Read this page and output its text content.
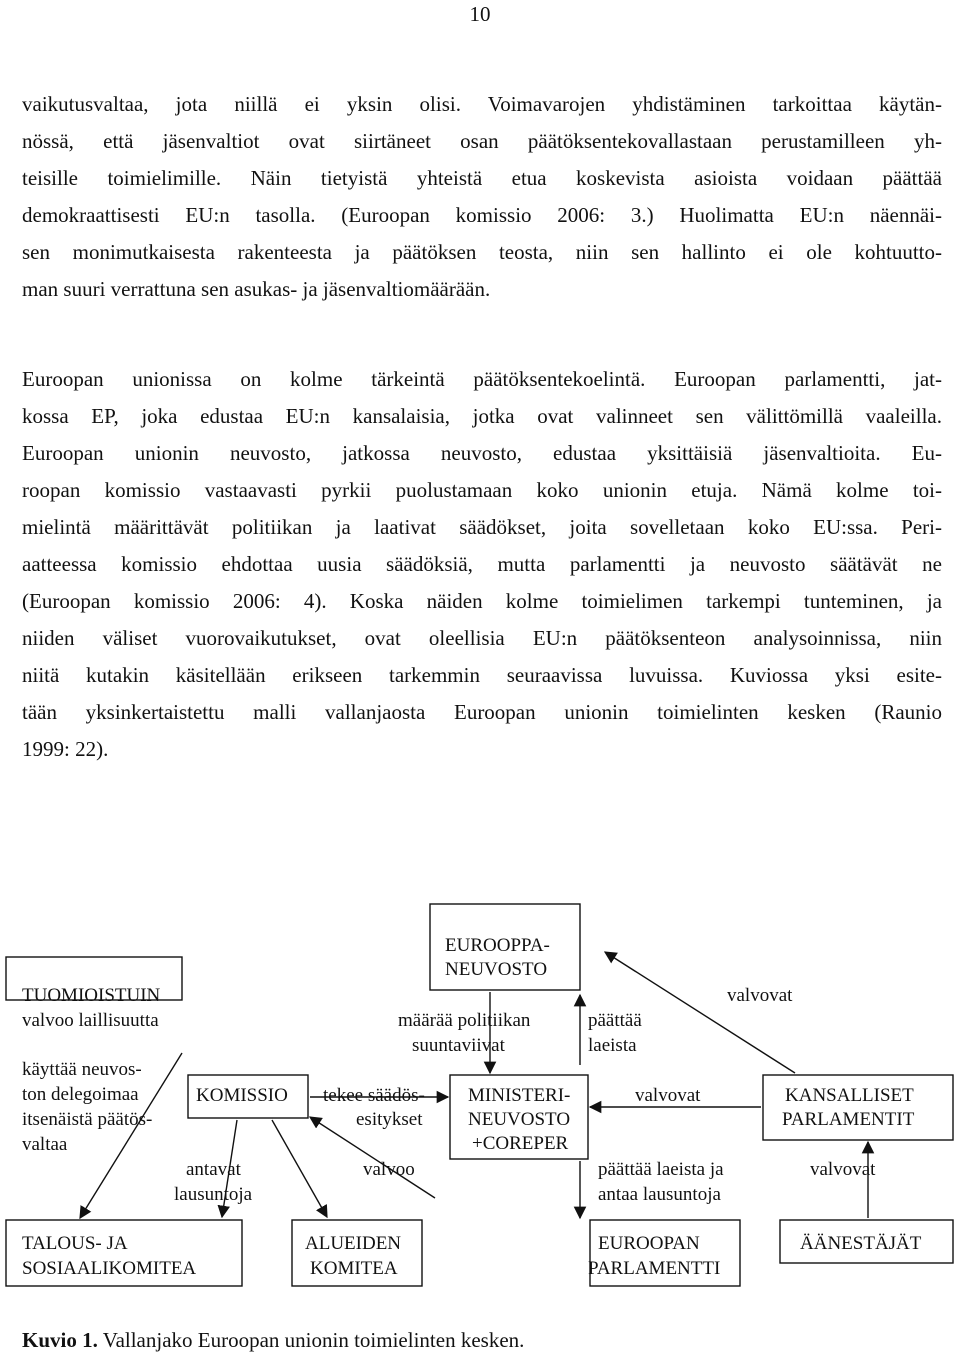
10
vaikutusvaltaa, jota niillä ei yksin olisi. Voimavarojen yhdistäminen tarkoittaa käytän-
nössä, että jäsenvaltiot ovat siirtäneet osan päätöksentekovallastaan perustamilleen yh-
teisille toimielimille. Näin tietyistä yhteistä etua koskevista asioista voidaan päättää
demokraattisesti EU:n tasolla. (Euroopan komissio 2006: 3.) Huolimatta EU:n näennäi-
sen monimutkaisesta rakenteesta ja päätöksen teosta, niin sen hallinto ei ole kohtuutto-
man suuri verrattuna sen asukas- ja jäsenvaltiomäärään.
Euroopan unionissa on kolme tärkeintä päätöksentekoelintä. Euroopan parlamentti, jat-
kossa EP, joka edustaa EU:n kansalaisia, jotka ovat valinneet sen välittömillä vaaleilla.
Euroopan unionin neuvosto, jatkossa neuvosto, edustaa yksittäisiä jäsenvaltioita. Eu-
roopan komissio vastaavasti pyrkii puolustamaan koko unionin etuja. Nämä kolme toi-
mielintä määrittävät politiikan ja laativat säädökset, joita sovelletaan koko EU:ssa. Peri-
aatteessa komissio ehdottaa uusia säädöksiä, mutta parlamentti ja neuvosto säätävät ne
(Euroopan komissio 2006: 4). Koska näiden kolme toimielimen tarkempi tunteminen, ja
niiden väliset vuorovaikutukset, ovat oleellisia EU:n päätöksenteon analysoinnissa, niin
niitä kutakin käsitellään erikseen tarkemmin seuraavissa luvuissa. Kuviossa yksi esite-
tään yksinkertaistettu malli vallanjaosta Euroopan unionin toimielinten kesken (Raunio
1999: 22).
TUOMIOISTUIN
EUROOPPA-
NEUVOSTO
KOMISSIO	MINISTERI-
NEUVOSTO
+COREPER
KANSALLISET
PARLAMENTIT
TALOUS- JA
SOSIAALIKOMITEA
ALUEIDEN
KOMITEA
EUROOPAN
PARLAMENTTI
ÄÄNESTÄJÄT
valvoo laillisuutta
käyttää neuvos-
ton delegoimaa
itsenäistä päätös-
valtaa
antavat
lausuntoja
määrää politiikan
suuntaviivat
tekee säädös-
esitykset
valvoo
päättää
laeista
valvovat
valvovat
valvovat
päättää laeista ja
antaa lausuntoja
Kuvio 1. Vallanjako Euroopan unionin toimielinten kesken.
